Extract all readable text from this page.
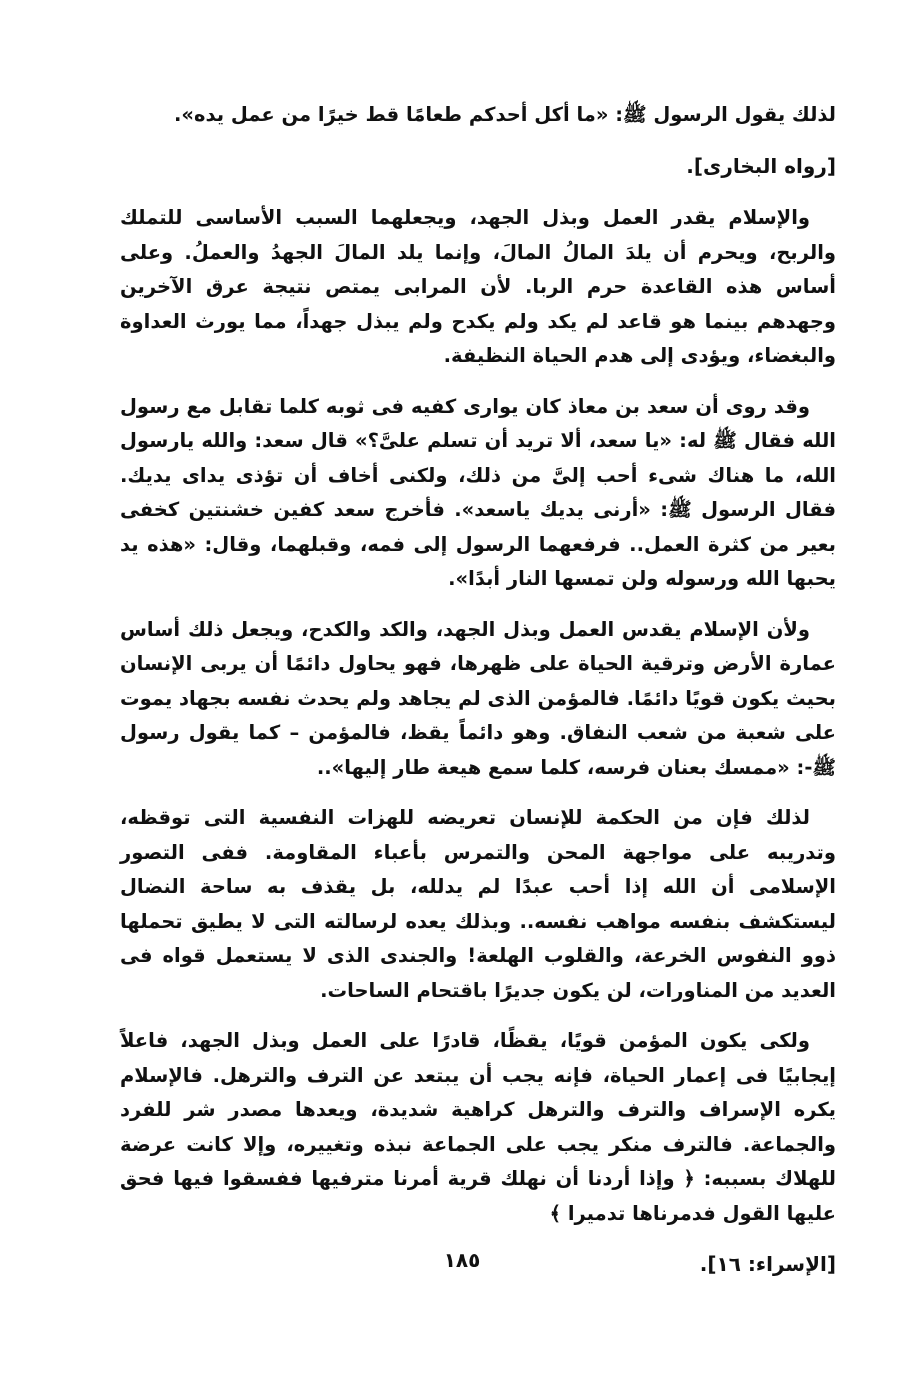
لذلك يقول الرسول ﷺ: «ما أكل أحدكم طعامًا قط خيرًا من عمل يده».

[رواه البخارى].

والإسلام يقدر العمل وبذل الجهد، ويجعلهما السبب الأساسى للتملك والربح، ويحرم أن يلدَ المالُ المالَ، وإنما يلد المالَ الجهدُ والعملُ. وعلى أساس هذه القاعدة حرم الربا. لأن المرابى يمتص نتيجة عرق الآخرين وجهدهم بينما هو قاعد لم يكد ولم يكدح ولم يبذل جهداً، مما يورث العداوة والبغضاء، ويؤدى إلى هدم الحياة النظيفة.

وقد روى أن سعد بن معاذ كان يوارى كفيه فى ثوبه كلما تقابل مع رسول الله فقال ﷺ له: «يا سعد، ألا تريد أن تسلم علىَّ؟» قال سعد: والله يارسول الله، ما هناك شىء أحب إلىَّ من ذلك، ولكنى أخاف أن تؤذى يداى يديك. فقال الرسول ﷺ: «أرنى يديك ياسعد». فأخرج سعد كفين خشنتين كخفى بعير من كثرة العمل.. فرفعهما الرسول إلى فمه، وقبلهما، وقال: «هذه يد يحبها الله ورسوله ولن تمسها النار أبدًا».

ولأن الإسلام يقدس العمل وبذل الجهد، والكد والكدح، ويجعل ذلك أساس عمارة الأرض وترقية الحياة على ظهرها، فهو يحاول دائمًا أن يربى الإنسان بحيث يكون قويًا دائمًا. فالمؤمن الذى لم يجاهد ولم يحدث نفسه بجهاد يموت على شعبة من شعب النفاق. وهو دائماً يقظ، فالمؤمن – كما يقول رسول ﷺ-: «ممسك بعنان فرسه، كلما سمع هيعة طار إليها»..

لذلك فإن من الحكمة للإنسان تعريضه للهزات النفسية التى توقظه، وتدريبه على مواجهة المحن والتمرس بأعباء المقاومة. ففى التصور الإسلامى أن الله إذا أحب عبدًا لم يدلله، بل يقذف به ساحة النضال ليستكشف بنفسه مواهب نفسه.. وبذلك يعده لرسالته التى لا يطيق تحملها ذوو النفوس الخرعة، والقلوب الهلعة! والجندى الذى لا يستعمل قواه فى العديد من المناورات، لن يكون جديرًا باقتحام الساحات.

ولكى يكون المؤمن قويًا، يقظًا، قادرًا على العمل وبذل الجهد، فاعلاً إيجابيًا فى إعمار الحياة، فإنه يجب أن يبتعد عن الترف والترهل. فالإسلام يكره الإسراف والترف والترهل كراهية شديدة، ويعدها مصدر شر للفرد والجماعة. فالترف منكر يجب على الجماعة نبذه وتغييره، وإلا كانت عرضة للهلاك بسببه: ﴿ وإذا أردنا أن نهلك قرية أمرنا مترفيها ففسقوا فيها فحق عليها القول فدمرناها تدميرا ﴾

[الإسراء: ١٦].

١٨٥
